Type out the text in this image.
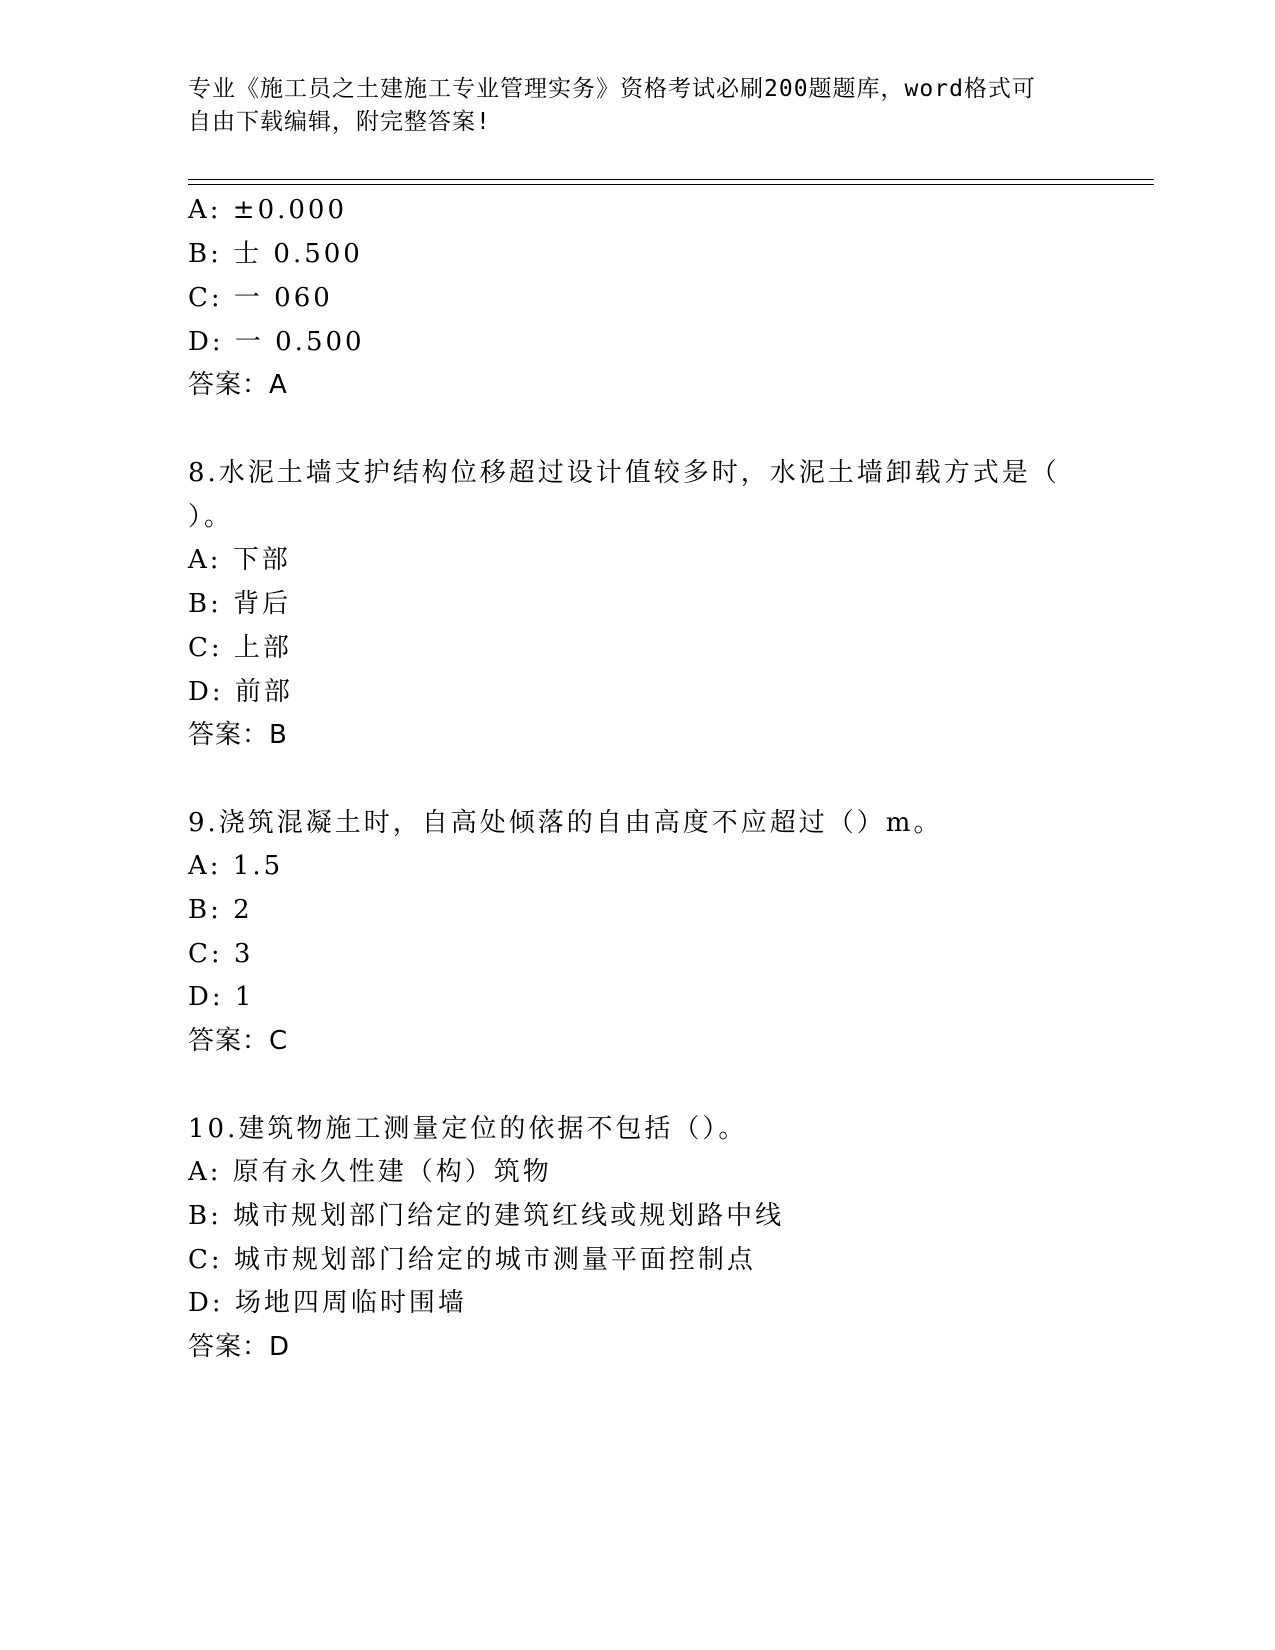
专业《施工员之土建施工专业管理实务》资格考试必刷200题题库，word格式可
自由下载编辑，附完整答案!
A: ±0.000
B: 士 0.500
C: 一 060
D: 一 0.500
答案：A
8.水泥土墙支护结构位移超过设计值较多时，水泥土墙卸载方式是（
）。
A: 下部
B: 背后
C: 上部
D: 前部
答案：B
9.浇筑混凝土时，自高处倾落的自由高度不应超过（）m。
A: 1.5
B: 2
C: 3
D: 1
答案：C
10.建筑物施工测量定位的依据不包括（）。
A: 原有永久性建（构）筑物
B: 城市规划部门给定的建筑红线或规划路中线
C: 城市规划部门给定的城市测量平面控制点
D: 场地四周临时围墙
答案：D
